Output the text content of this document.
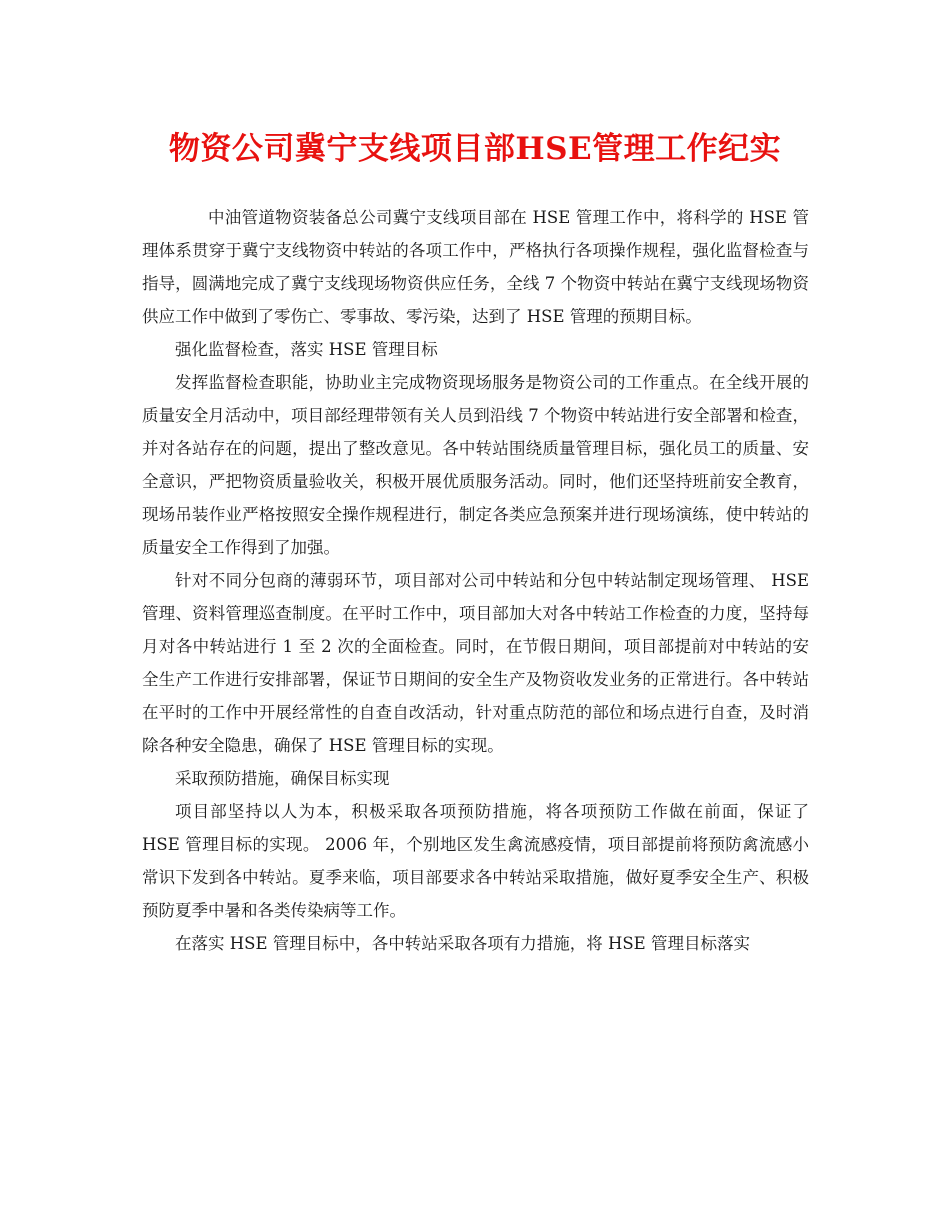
物资公司冀宁支线项目部HSE管理工作纪实

中油管道物资装备总公司冀宁支线项目部在 HSE 管理工作中，将科学的 HSE 管理体系贯穿于冀宁支线物资中转站的各项工作中，严格执行各项操作规程，强化监督检查与指导，圆满地完成了冀宁支线现场物资供应任务，全线 7 个物资中转站在冀宁支线现场物资供应工作中做到了零伤亡、零事故、零污染，达到了 HSE 管理的预期目标。

强化监督检查，落实 HSE 管理目标

发挥监督检查职能，协助业主完成物资现场服务是物资公司的工作重点。在全线开展的质量安全月活动中，项目部经理带领有关人员到沿线 7 个物资中转站进行安全部署和检查，并对各站存在的问题，提出了整改意见。各中转站围绕质量管理目标，强化员工的质量、安全意识，严把物资质量验收关，积极开展优质服务活动。同时，他们还坚持班前安全教育，现场吊装作业严格按照安全操作规程进行，制定各类应急预案并进行现场演练，使中转站的质量安全工作得到了加强。

针对不同分包商的薄弱环节，项目部对公司中转站和分包中转站制定现场管理、 HSE 管理、资料管理巡查制度。在平时工作中，项目部加大对各中转站工作检查的力度，坚持每月对各中转站进行 1 至 2 次的全面检查。同时，在节假日期间，项目部提前对中转站的安全生产工作进行安排部署，保证节日期间的安全生产及物资收发业务的正常进行。各中转站在平时的工作中开展经常性的自查自改活动，针对重点防范的部位和场点进行自查，及时消除各种安全隐患，确保了 HSE 管理目标的实现。

采取预防措施，确保目标实现

项目部坚持以人为本，积极采取各项预防措施，将各项预防工作做在前面，保证了 HSE 管理目标的实现。 2006 年，个别地区发生禽流感疫情，项目部提前将预防禽流感小常识下发到各中转站。夏季来临，项目部要求各中转站采取措施，做好夏季安全生产、积极预防夏季中暑和各类传染病等工作。

在落实 HSE 管理目标中，各中转站采取各项有力措施，将 HSE 管理目标落实
